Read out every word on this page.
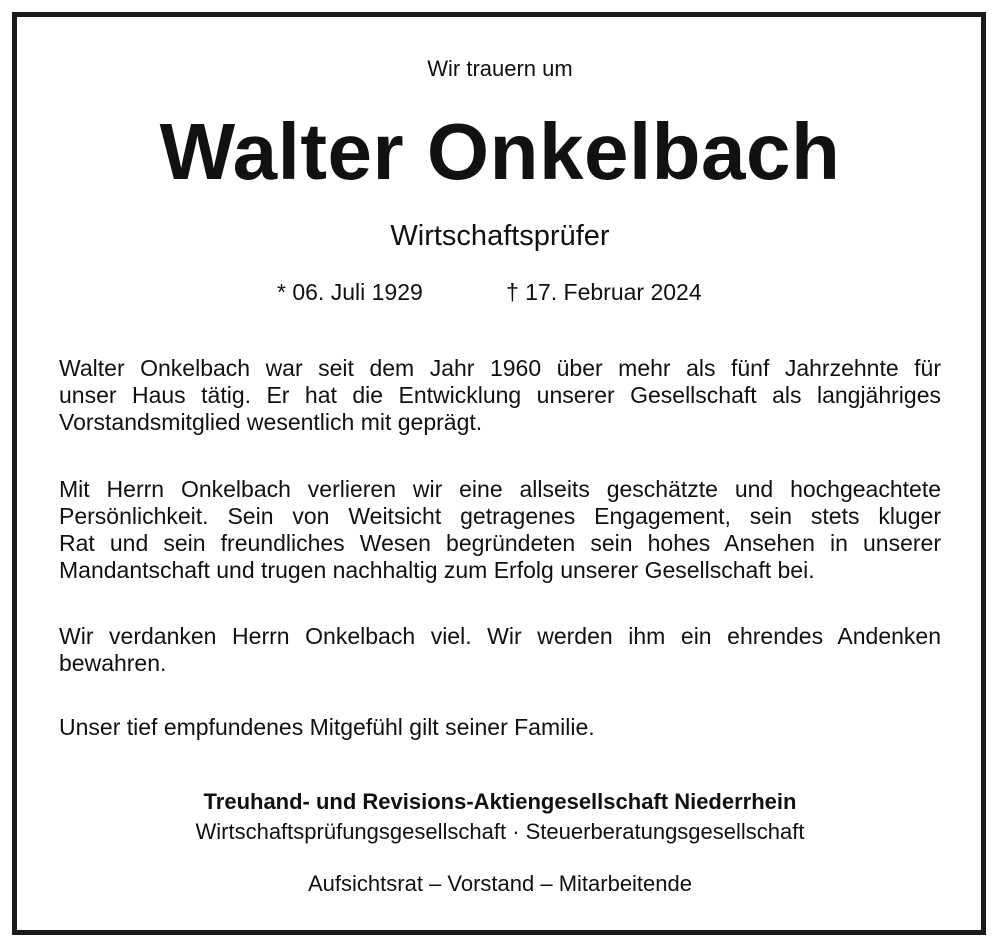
Wir trauern um
Walter Onkelbach
Wirtschaftsprüfer
* 06. Juli 1929	† 17. Februar 2024
Walter Onkelbach war seit dem Jahr 1960 über mehr als fünf Jahrzehnte für
unser Haus tätig. Er hat die Entwicklung unserer Gesellschaft als langjähriges
Vorstandsmitglied wesentlich mit geprägt.
Mit Herrn Onkelbach verlieren wir eine allseits geschätzte und hochgeachtete
Persönlichkeit. Sein von Weitsicht getragenes Engagement, sein stets kluger
Rat und sein freundliches Wesen begründeten sein hohes Ansehen in unserer
Mandantschaft und trugen nachhaltig zum Erfolg unserer Gesellschaft bei.
Wir verdanken Herrn Onkelbach viel. Wir werden ihm ein ehrendes Andenken
bewahren.
Unser tief empfundenes Mitgefühl gilt seiner Familie.
Treuhand- und Revisions-Aktiengesellschaft Niederrhein
Wirtschaftsprüfungsgesellschaft · Steuerberatungsgesellschaft
Aufsichtsrat – Vorstand – Mitarbeitende
